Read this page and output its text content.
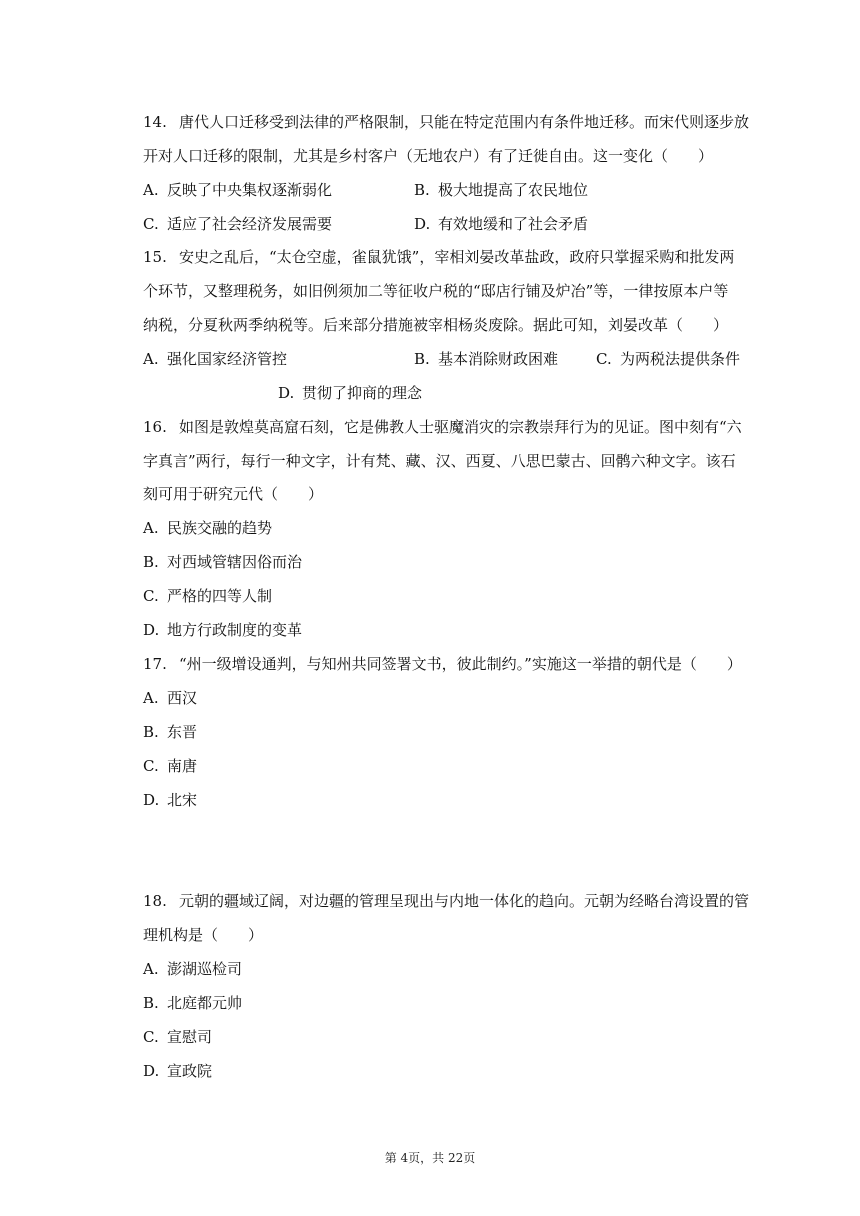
14. 唐代人口迁移受到法律的严格限制，只能在特定范围内有条件地迁移。而宋代则逐步放
开对人口迁移的限制，尤其是乡村客户（无地农户）有了迁徙自由。这一变化（　　）
A. 反映了中央集权逐渐弱化	B. 极大地提高了农民地位
C. 适应了社会经济发展需要	D. 有效地缓和了社会矛盾
15. 安史之乱后，“太仓空虚，雀鼠犹饿”，宰相刘晏改革盐政，政府只掌握采购和批发两
个环节，又整理税务，如旧例须加二等征收户税的“邸店行铺及炉冶”等，一律按原本户等
纳税，分夏秋两季纳税等。后来部分措施被宰相杨炎废除。据此可知，刘晏改革（　　）
A. 强化国家经济管控	B. 基本消除财政困难	C. 为两税法提供条件
D. 贯彻了抑商的理念
16. 如图是敦煌莫高窟石刻，它是佛教人士驱魔消灾的宗教崇拜行为的见证。图中刻有“六
字真言”两行，每行一种文字，计有梵、藏、汉、西夏、八思巴蒙古、回鹘六种文字。该石
刻可用于研究元代（　　）
A. 民族交融的趋势
B. 对西域管辖因俗而治
C. 严格的四等人制
D. 地方行政制度的变革
17. “州一级增设通判，与知州共同签署文书，彼此制约。”实施这一举措的朝代是（　　）
A. 西汉
B. 东晋
C. 南唐
D. 北宋
18. 元朝的疆域辽阔，对边疆的管理呈现出与内地一体化的趋向。元朝为经略台湾设置的管
理机构是（　　）
A. 澎湖巡检司
B. 北庭都元帅
C. 宣慰司
D. 宣政院
第 4页，共 22页
